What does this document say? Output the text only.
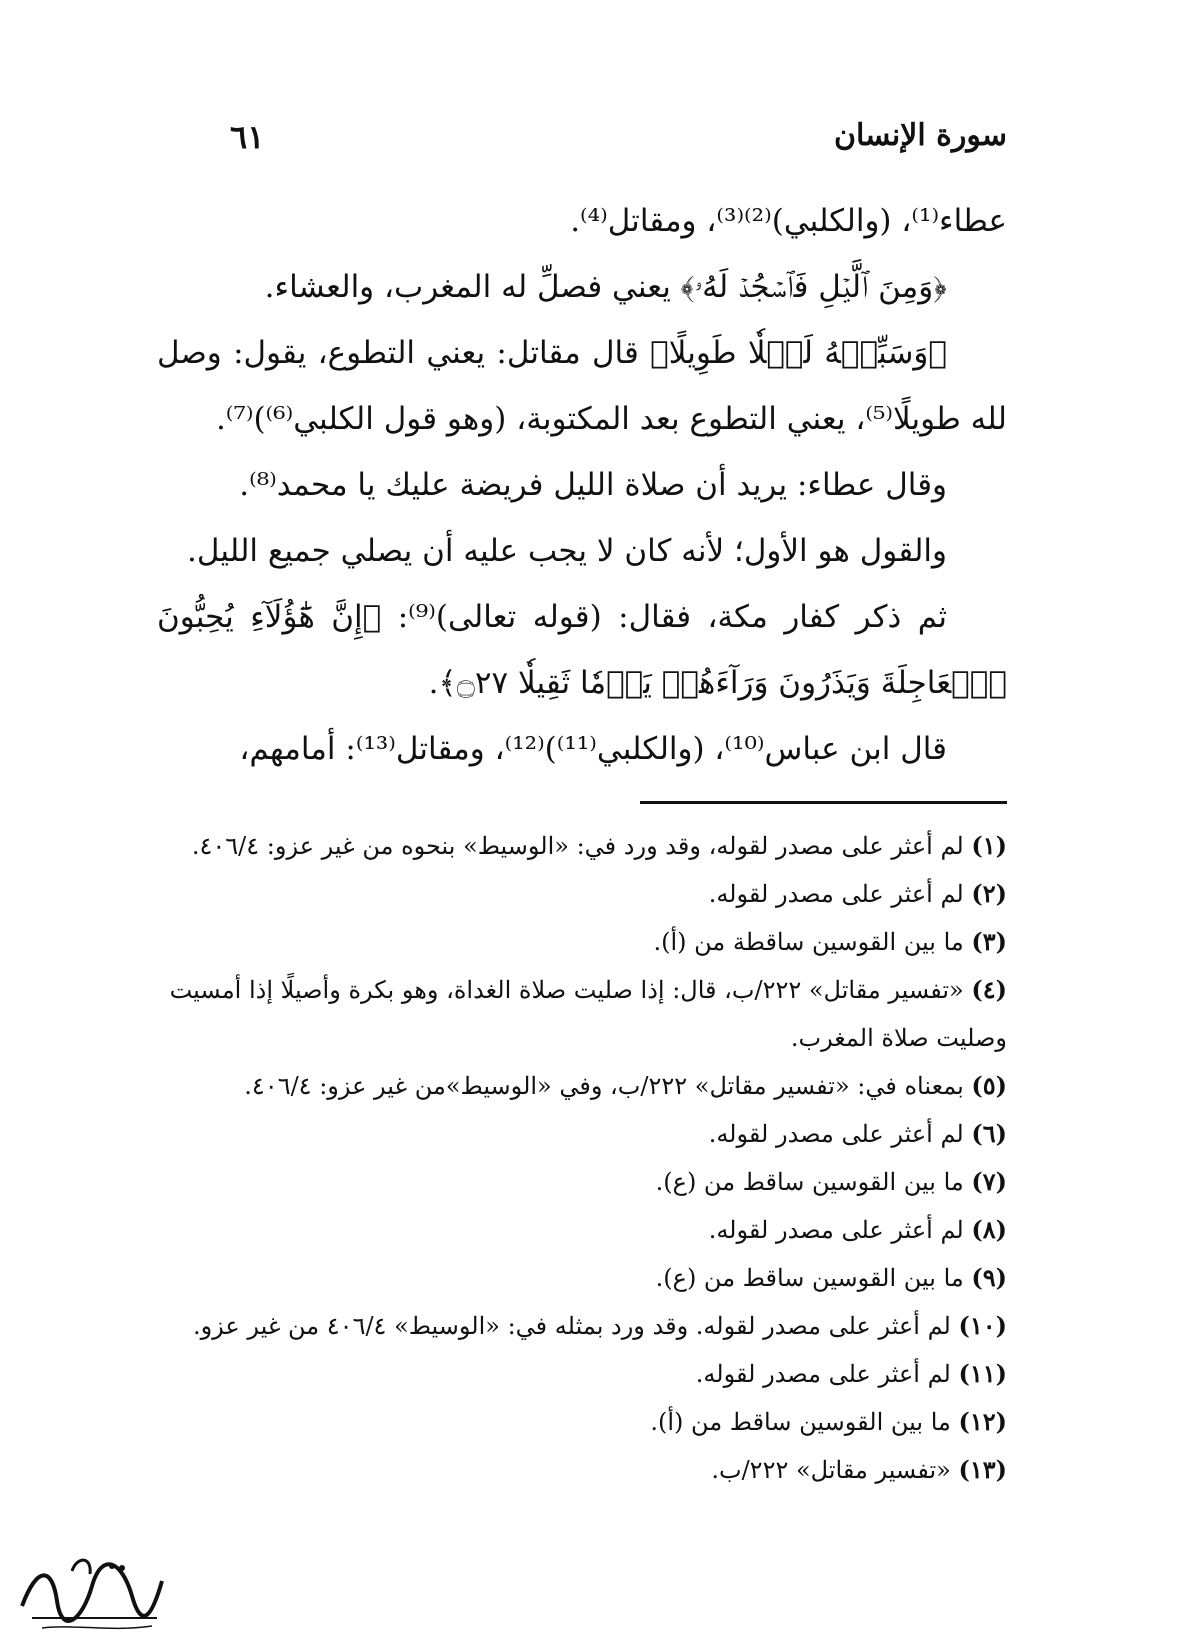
٦١	سورة الإنسان

عطاء⁽¹⁾، (والكلبي)⁽²⁾⁽³⁾، ومقاتل⁽⁴⁾.

﴿وَمِنَ ٱلَّيۡلِ فَٱسۡجُدۡ لَهُۥ﴾ يعني فصلِّ له المغرب، والعشاء.

﴿وَسَبِّحۡهُ لَيۡلٗا طَوِيلًا﴾ قال مقاتل: يعني التطوع، يقول: وصل لله طويلًا⁽⁵⁾، يعني التطوع بعد المكتوبة، (وهو قول الكلبي⁽⁶⁾)⁽⁷⁾.

وقال عطاء: يريد أن صلاة الليل فريضة عليك يا محمد⁽⁸⁾.

والقول هو الأول؛ لأنه كان لا يجب عليه أن يصلي جميع الليل.

ثم ذكر كفار مكة، فقال: (قوله تعالى)⁽⁹⁾: ﴿إِنَّ هَٰٓؤُلَآءِ يُحِبُّونَ ٱلۡعَاجِلَةَ وَيَذَرُونَ وَرَآءَهُمۡ يَوۡمٗا ثَقِيلٗا ۝٢٧﴾.

قال ابن عباس⁽¹⁰⁾، (والكلبي⁽¹¹⁾)⁽¹²⁾، ومقاتل⁽¹³⁾: أمامهم،

(١) لم أعثر على مصدر لقوله، وقد ورد في: «الوسيط» بنحوه من غير عزو: ٤٠٦/٤.

(٢) لم أعثر على مصدر لقوله.

(٣) ما بين القوسين ساقطة من (أ).

(٤) «تفسير مقاتل» ٢٢٢/ب، قال: إذا صليت صلاة الغداة، وهو بكرة وأصيلًا إذا أمسيت وصليت صلاة المغرب.

(٥) بمعناه في: «تفسير مقاتل» ٢٢٢/ب، وفي «الوسيط»من غير عزو: ٤٠٦/٤.

(٦) لم أعثر على مصدر لقوله.

(٧) ما بين القوسين ساقط من (ع).

(٨) لم أعثر على مصدر لقوله.

(٩) ما بين القوسين ساقط من (ع).

(١٠) لم أعثر على مصدر لقوله. وقد ورد بمثله في: «الوسيط» ٤٠٦/٤ من غير عزو.

(١١) لم أعثر على مصدر لقوله.

(١٢) ما بين القوسين ساقط من (أ).

(١٣) «تفسير مقاتل» ٢٢٢/ب.
